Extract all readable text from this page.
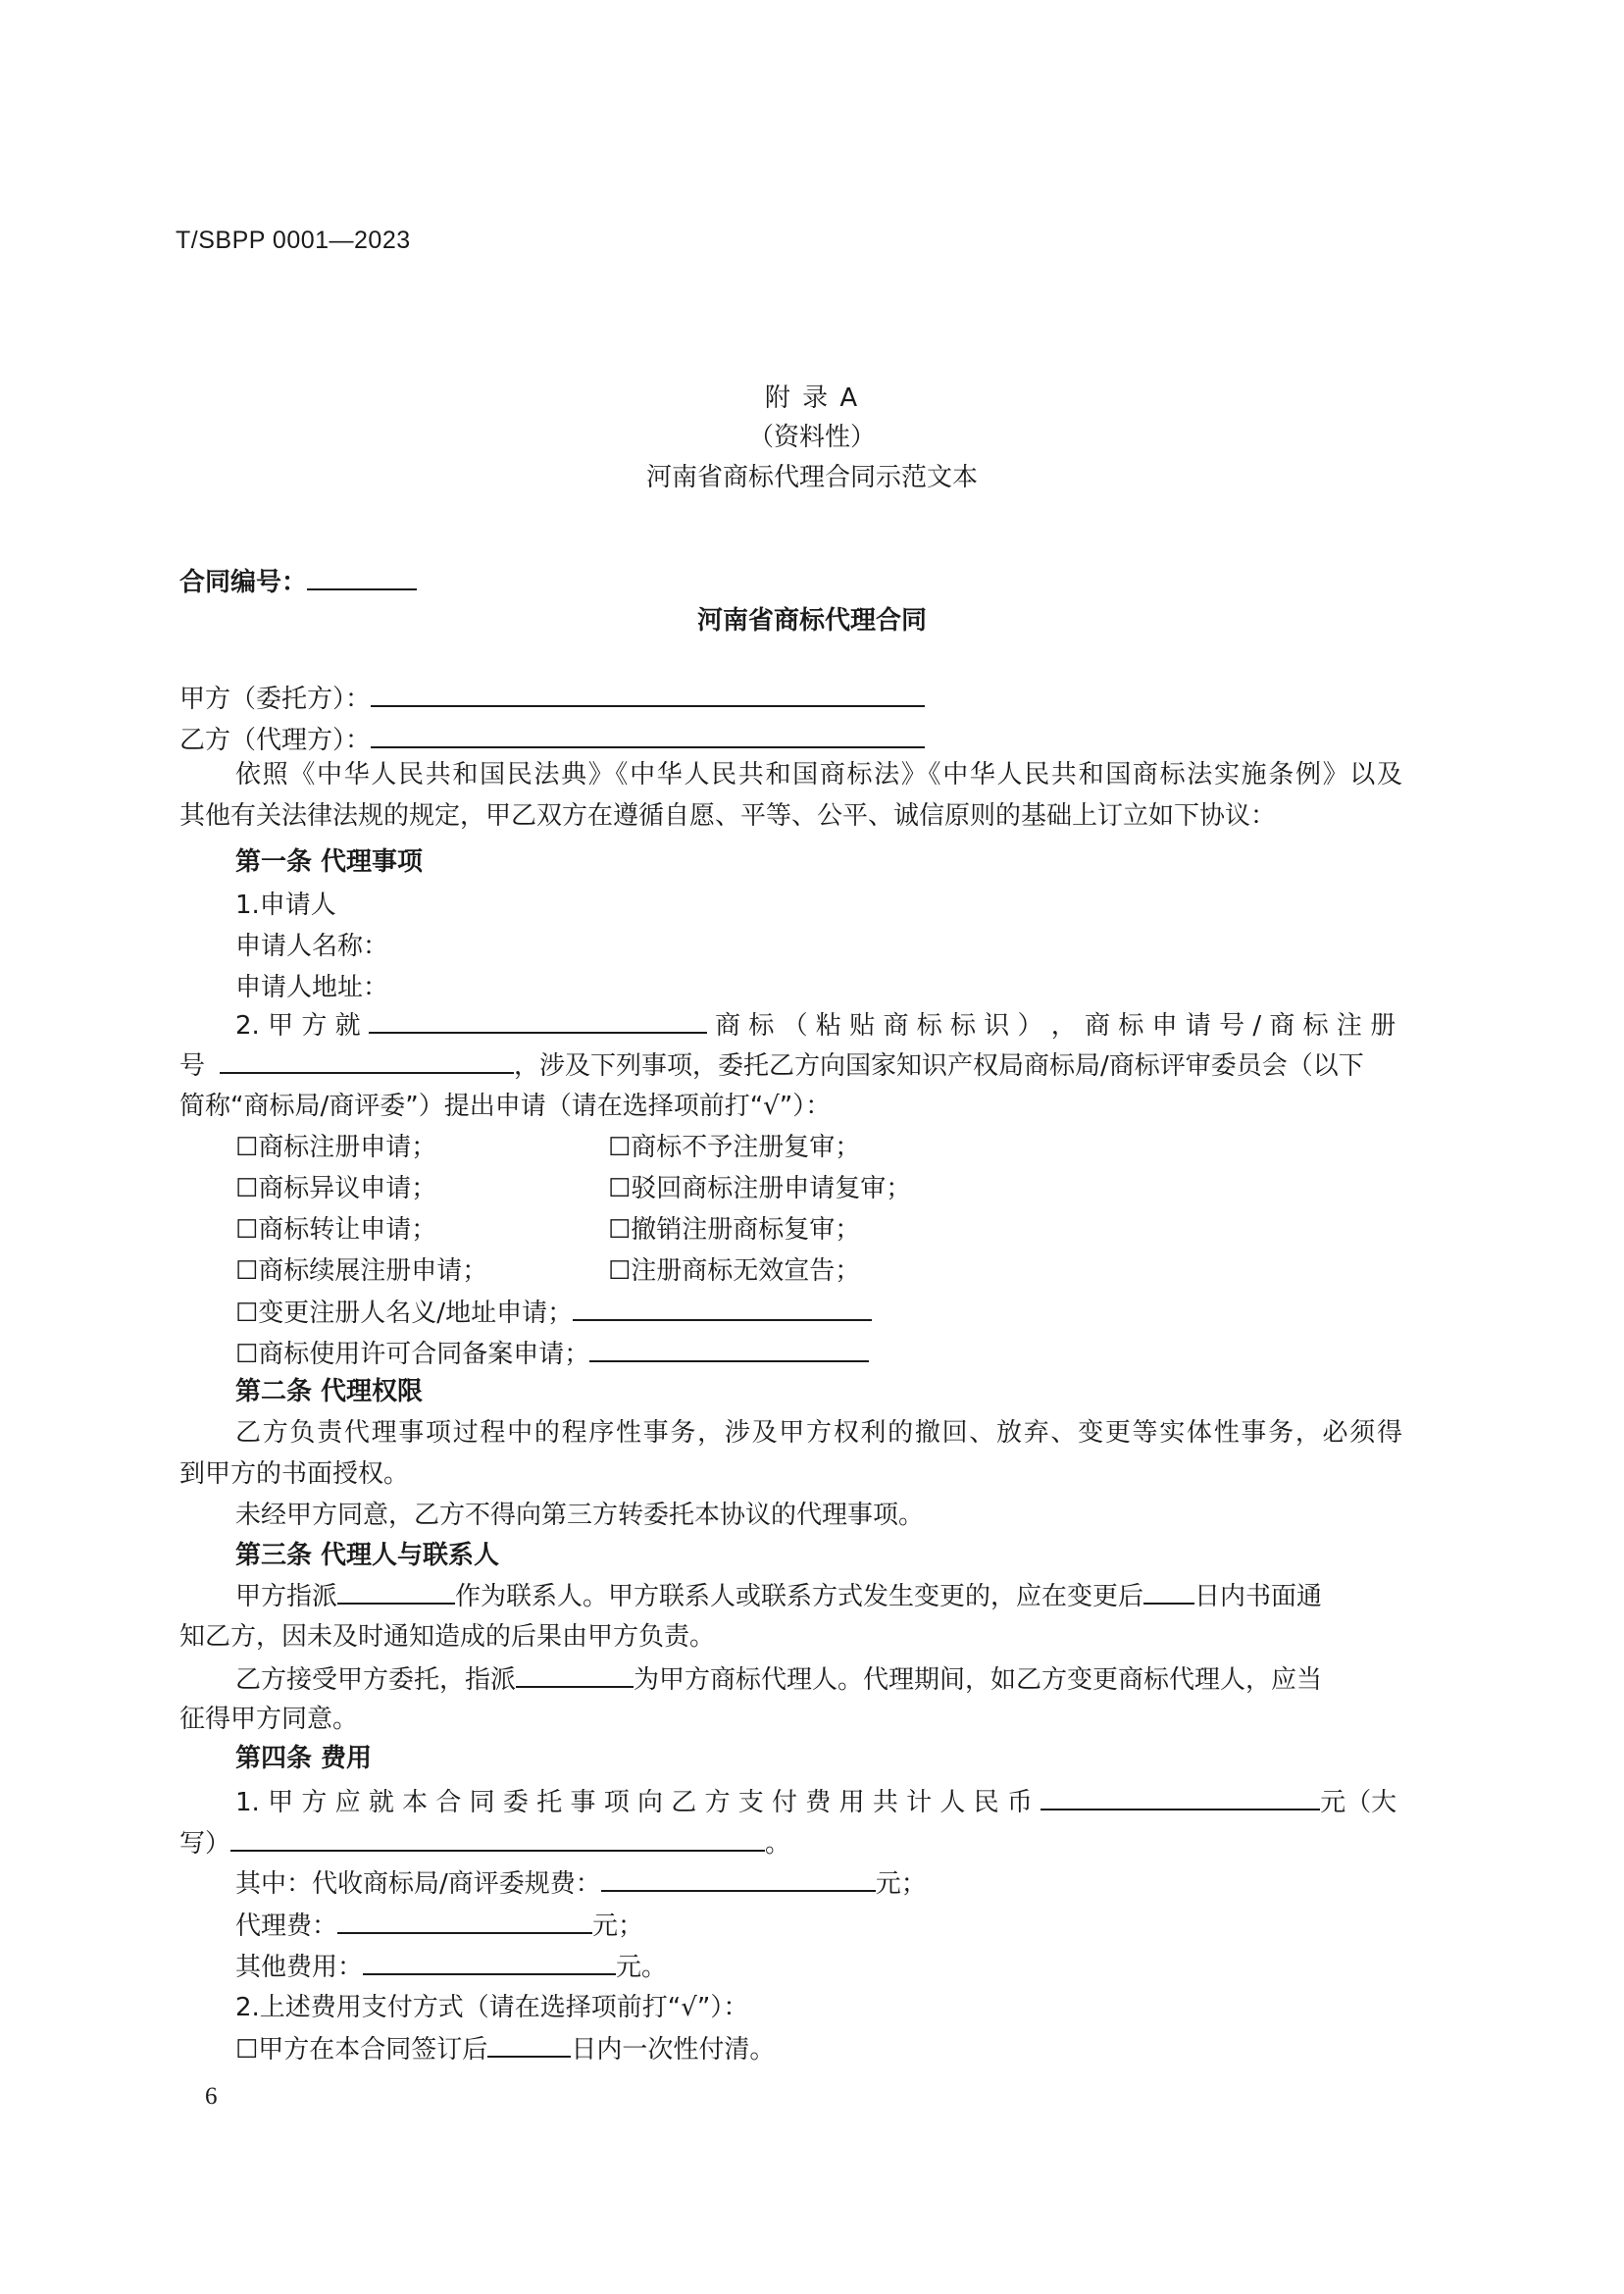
T/SBPP 0001—2023
附 录 A
（资料性）
河南省商标代理合同示范文本
合同编号：
河南省商标代理合同
甲方（委托方）：
乙方（代理方）：
依照《中华人民共和国民法典》《中华人民共和国商标法》《中华人民共和国商标法实施条例》以及
其他有关法律法规的规定，甲乙双方在遵循自愿、平等、公平、诚信原则的基础上订立如下协议：
第一条 代理事项
1.申请人
申请人名称：
申请人地址：
2. 甲 方 就	商 标 （ 粘 贴 商 标 标 识 ） ， 商 标 申 请 号 / 商 标 注 册
号	，涉及下列事项，委托乙方向国家知识产权局商标局/商标评审委员会（以下
简称“商标局/商评委”）提出申请（请在选择项前打“√”）：
☐商标注册申请；	☐商标不予注册复审；
☐商标异议申请；	☐驳回商标注册申请复审；
☐商标转让申请；	☐撤销注册商标复审；
☐商标续展注册申请；	☐注册商标无效宣告；
☐变更注册人名义/地址申请；
☐商标使用许可合同备案申请；
第二条 代理权限
乙方负责代理事项过程中的程序性事务，涉及甲方权利的撤回、放弃、变更等实体性事务，必须得
到甲方的书面授权。
未经甲方同意，乙方不得向第三方转委托本协议的代理事项。
第三条 代理人与联系人
甲方指派	作为联系人。甲方联系人或联系方式发生变更的，应在变更后 日内书面通
知乙方，因未及时通知造成的后果由甲方负责。
乙方接受甲方委托，指派	为甲方商标代理人。代理期间，如乙方变更商标代理人，应当
征得甲方同意。
第四条 费用
1. 甲 方 应 就 本 合 同 委 托 事 项 向 乙 方 支 付 费 用 共 计 人 民 币	元（大
写）	。
其中：代收商标局/商评委规费：	元；
代理费：	元；
其他费用：	元。
2.上述费用支付方式（请在选择项前打“√”）：
☐甲方在本合同签订后	日内一次性付清。
6
